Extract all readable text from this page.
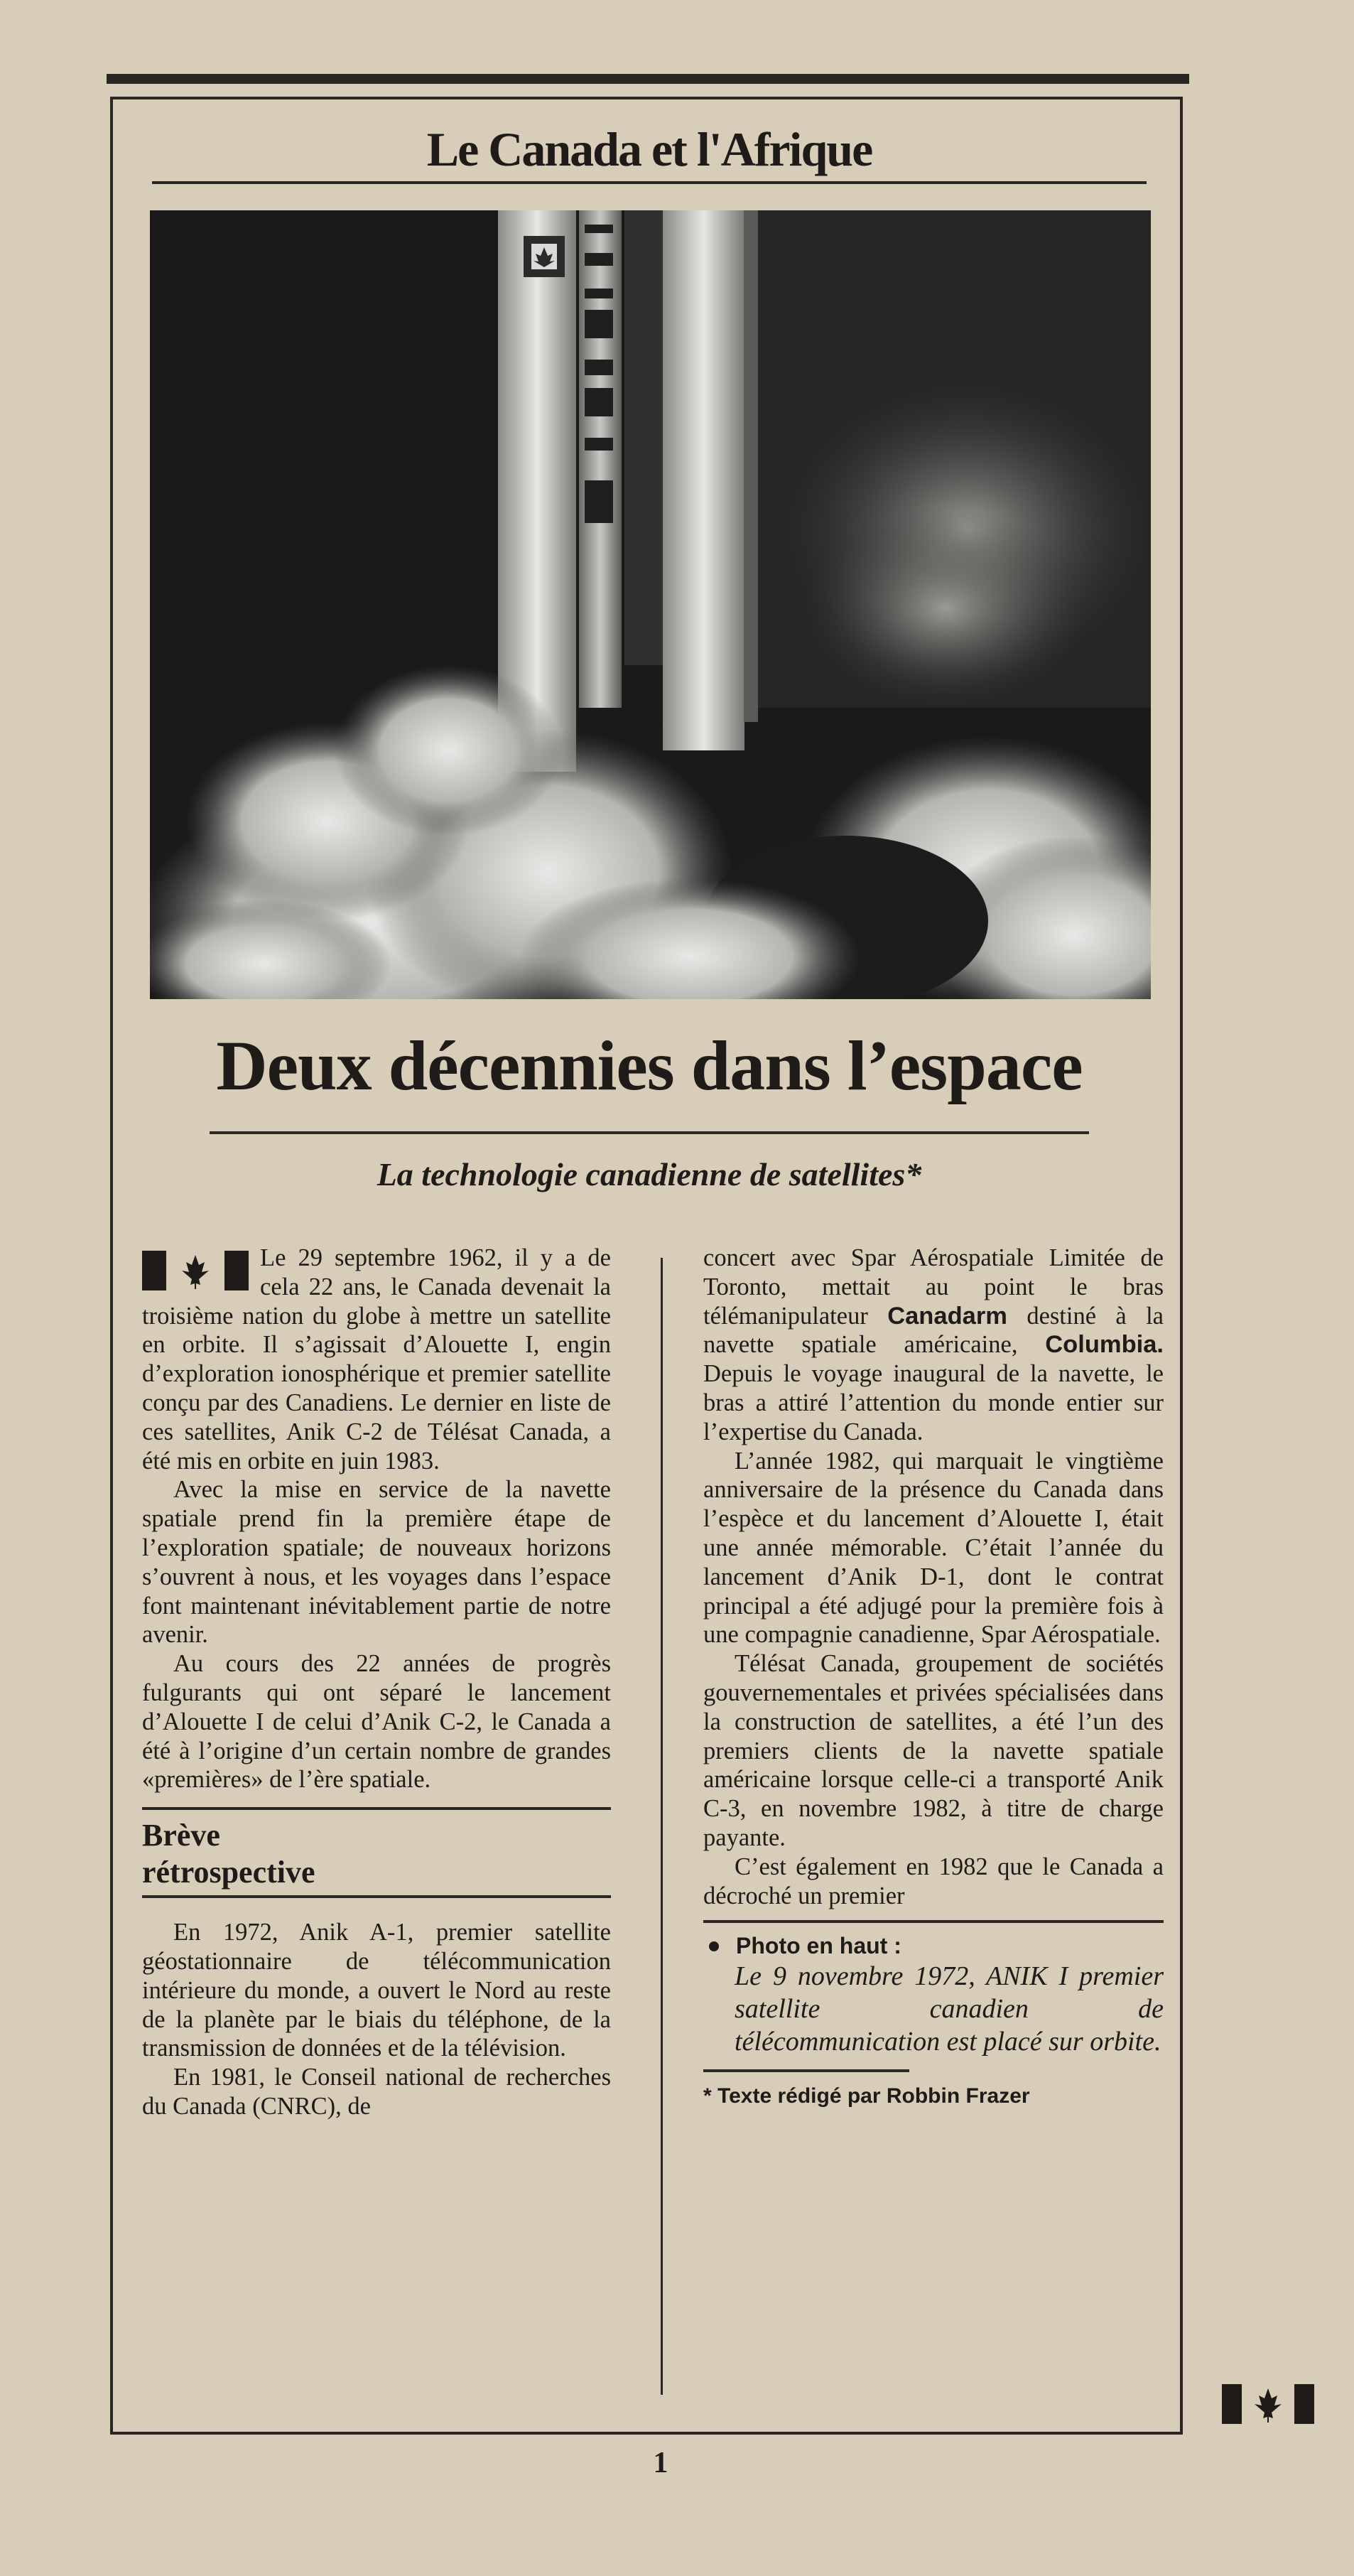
Le Canada et l'Afrique
Deux décennies dans l’espace
La technologie canadienne de satellites*

Le 29 septembre 1962, il y a de cela 22 ans, le Canada devenait la troisième nation du globe à mettre un satellite en orbite. Il s’agissait d’Alouette I, engin d’exploration ionosphérique et premier satellite conçu par des Canadiens. Le dernier en liste de ces satellites, Anik C-2 de Télésat Canada, a été mis en orbite en juin 1983.

Avec la mise en service de la navette spatiale prend fin la première étape de l’exploration spatiale; de nouveaux horizons s’ouvrent à nous, et les voyages dans l’espace font maintenant inévitablement partie de notre avenir.

Au cours des 22 années de progrès fulgurants qui ont séparé le lancement d’Alouette I de celui d’Anik C-2, le Canada a été à l’origine d’un certain nombre de grandes «premières» de l’ère spatiale.

Brève
rétrospective

En 1972, Anik A-1, premier satellite géostationnaire de télécommunication intérieure du monde, a ouvert le Nord au reste de la planète par le biais du téléphone, de la transmission de données et de la télévision.

En 1981, le Conseil national de recherches du Canada (CNRC), de

concert avec Spar Aérospatiale Limitée de Toronto, mettait au point le bras télémanipulateur Canadarm destiné à la navette spatiale américaine, Columbia. Depuis le voyage inaugural de la navette, le bras a attiré l’attention du monde entier sur l’expertise du Canada.

L’année 1982, qui marquait le vingtième anniversaire de la présence du Canada dans l’espèce et du lancement d’Alouette I, était une année mémorable. C’était l’année du lancement d’Anik D-1, dont le contrat principal a été adjugé pour la première fois à une compagnie canadienne, Spar Aérospatiale.

Télésat Canada, groupement de sociétés gouvernementales et privées spécialisées dans la construction de satellites, a été l’un des premiers clients de la navette spatiale américaine lorsque celle-ci a transporté Anik C-3, en novembre 1982, à titre de charge payante.

C’est également en 1982 que le Canada a décroché un premier

Photo en haut :
Le 9 novembre 1972, ANIK I premier satellite canadien de télécommunication est placé sur orbite.
* Texte rédigé par Robbin Frazer
1
